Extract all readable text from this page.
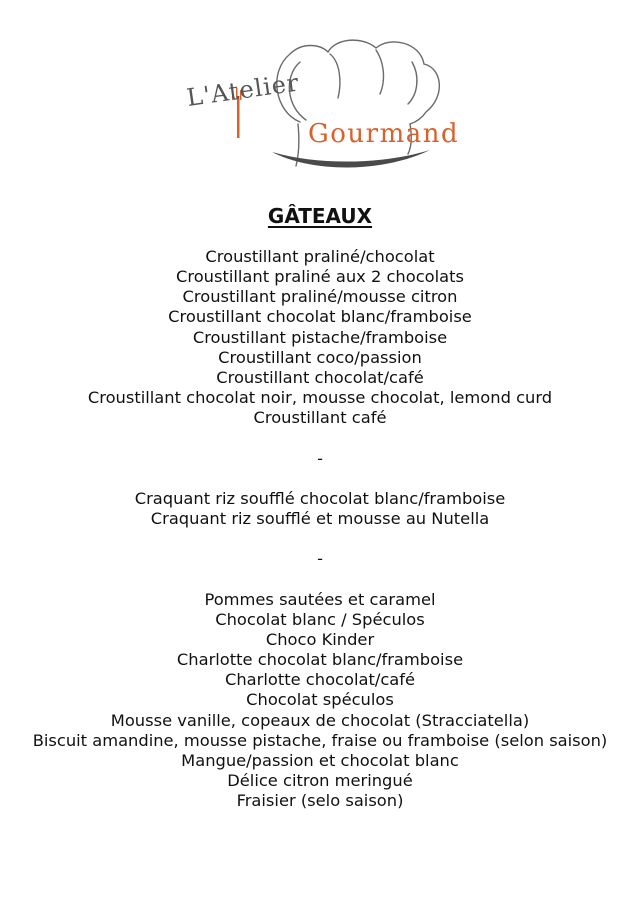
L'Atelier
Gourmand
GÂTEAUX
Croustillant praliné/chocolat
Croustillant praliné aux 2 chocolats
Croustillant praliné/mousse citron
Croustillant chocolat blanc/framboise
Croustillant pistache/framboise
Croustillant coco/passion
Croustillant chocolat/café
Croustillant chocolat noir, mousse chocolat, lemond curd
Croustillant café
-
Craquant riz soufflé chocolat blanc/framboise
Craquant riz soufflé et mousse au Nutella
-
Pommes sautées et caramel
Chocolat blanc / Spéculos
Choco Kinder
Charlotte chocolat blanc/framboise
Charlotte chocolat/café
Chocolat spéculos
Mousse vanille, copeaux de chocolat (Stracciatella)
Biscuit amandine, mousse pistache, fraise ou framboise (selon saison)
Mangue/passion et chocolat blanc
Délice citron meringué
Fraisier (selo saison)
